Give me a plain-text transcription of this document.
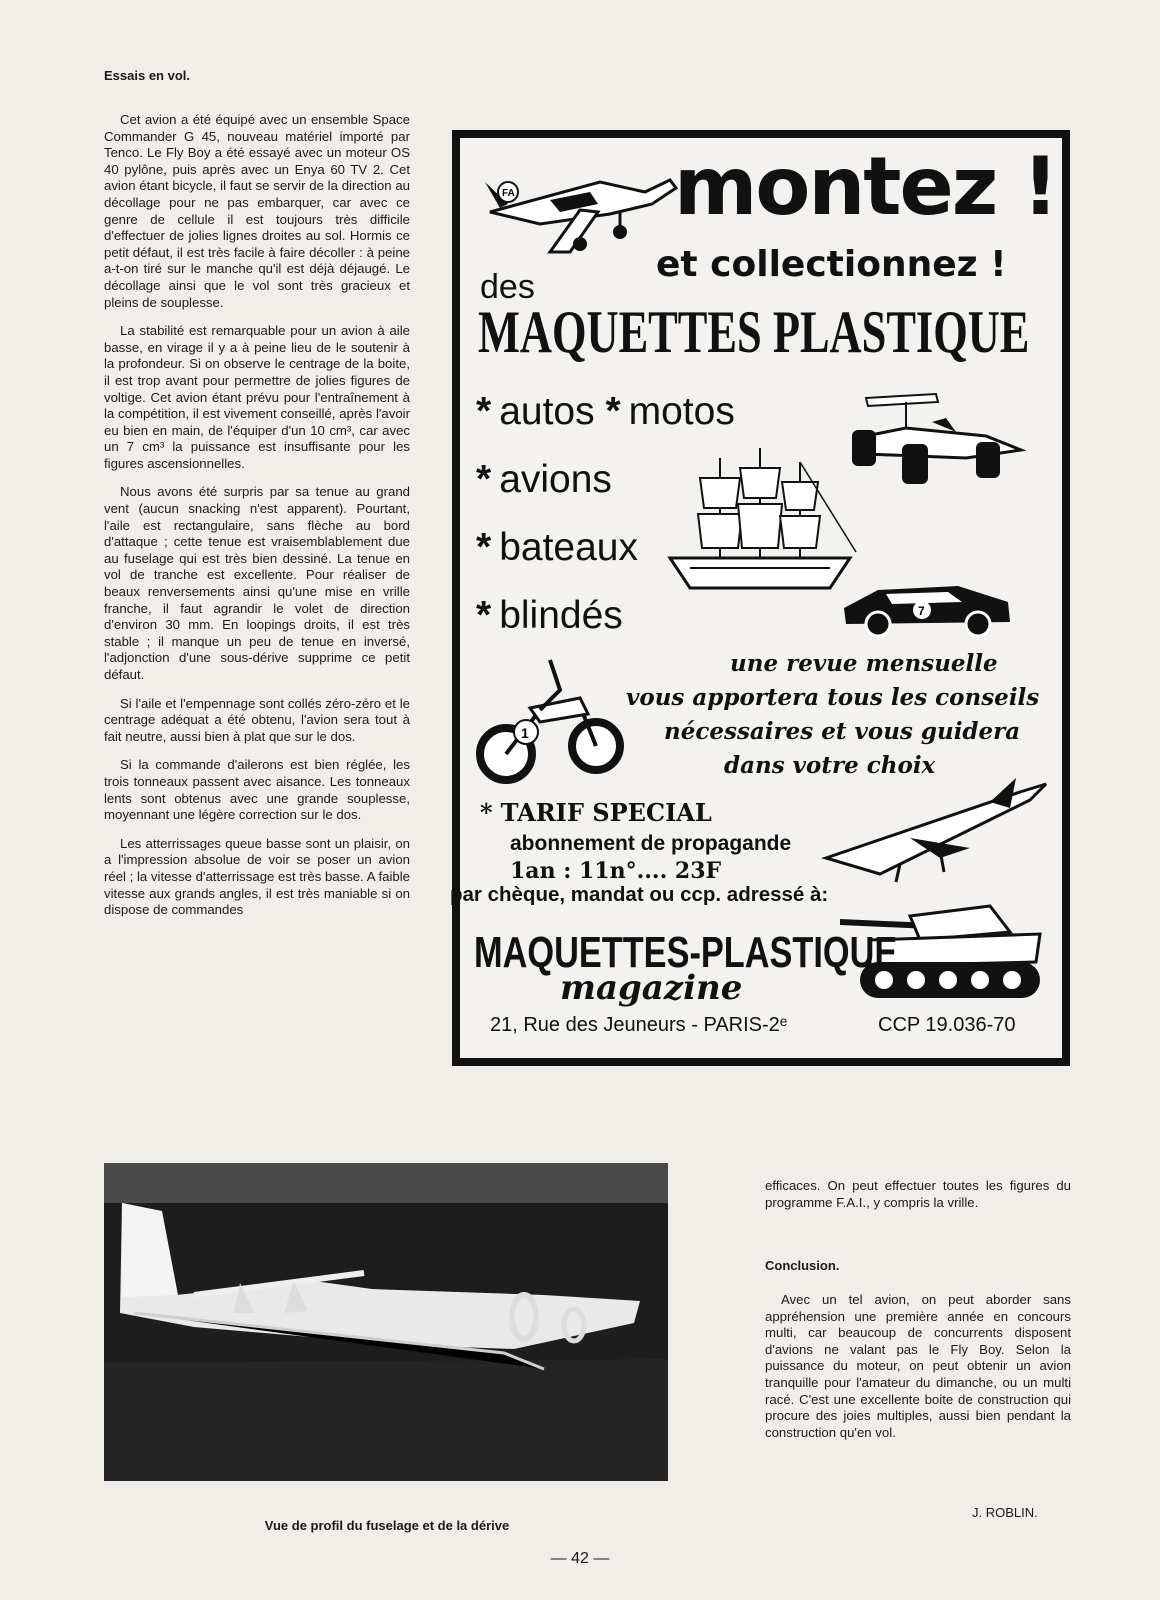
Essais en vol.

Cet avion a été équipé avec un ensemble Space Commander G 45, nouveau matériel importé par Tenco. Le Fly Boy a été essayé avec un moteur OS 40 pylône, puis après avec un Enya 60 TV 2. Cet avion étant bicycle, il faut se servir de la direction au décollage pour ne pas embarquer, car avec ce genre de cellule il est toujours très difficile d'effectuer de jolies lignes droites au sol. Hormis ce petit défaut, il est très facile à faire décoller : à peine a-t-on tiré sur le manche qu'il est déjà déjaugé. Le décollage ainsi que le vol sont très gracieux et pleins de souplesse.

La stabilité est remarquable pour un avion à aile basse, en virage il y a à peine lieu de le soutenir à la profondeur. Si on observe le centrage de la boite, il est trop avant pour permettre de jolies figures de voltige. Cet avion étant prévu pour l'entraînement à la compétition, il est vivement conseillé, après l'avoir eu bien en main, de l'équiper d'un 10 cm³, car avec un 7 cm³ la puissance est insuffisante pour les figures ascensionnelles.

Nous avons été surpris par sa tenue au grand vent (aucun snacking n'est apparent). Pourtant, l'aile est rectangulaire, sans flèche au bord d'attaque ; cette tenue est vraisemblablement due au fuselage qui est très bien dessiné. La tenue en vol de tranche est excellente. Pour réaliser de beaux renversements ainsi qu'une mise en vrille franche, il faut agrandir le volet de direction d'environ 30 mm. En loopings droits, il est très stable ; il manque un peu de tenue en inversé, l'adjonction d'une sous-dérive supprime ce petit défaut.

Si l'aile et l'empennage sont collés zéro-zéro et le centrage adéquat a été obtenu, l'avion sera tout à fait neutre, aussi bien à plat que sur le dos.

Si la commande d'ailerons est bien réglée, les trois tonneaux passent avec aisance. Les tonneaux lents sont obtenus avec une grande souplesse, moyennant une légère correction sur le dos.

Les atterrissages queue basse sont un plaisir, on a l'impression absolue de voir se poser un avion réel ; la vitesse d'atterrissage est très basse. A faible vitesse aux grands angles, il est très maniable si on dispose de commandes

FA montez !

et collectionnez !

des

MAQUETTES PLASTIQUE

* autos * motos

* avions

* bateaux

* blindés	7

une revue mensuelle

vous apportera tous les conseils

nécessaires et vous guidera

dans votre choix

1

* TARIF SPECIAL

abonnement de propagande

1an : 11n°.... 23F

par chèque, mandat ou ccp. adressé à:

MAQUETTES-PLASTIQUE

magazine

21, Rue des Jeuneurs - PARIS-2ᵉ	CCP 19.036-70

Vue de profil du fuselage et de la dérive

efficaces. On peut effectuer toutes les figures du programme F.A.I., y compris la vrille.

Conclusion.

Avec un tel avion, on peut aborder sans appréhension une première année en concours multi, car beaucoup de concurrents disposent d'avions ne valant pas le Fly Boy. Selon la puissance du moteur, on peut obtenir un avion tranquille pour l'amateur du dimanche, ou un multi racé. C'est une excellente boite de construction qui procure des joies multiples, aussi bien pendant la construction qu'en vol.

J. ROBLIN.

— 42 —
